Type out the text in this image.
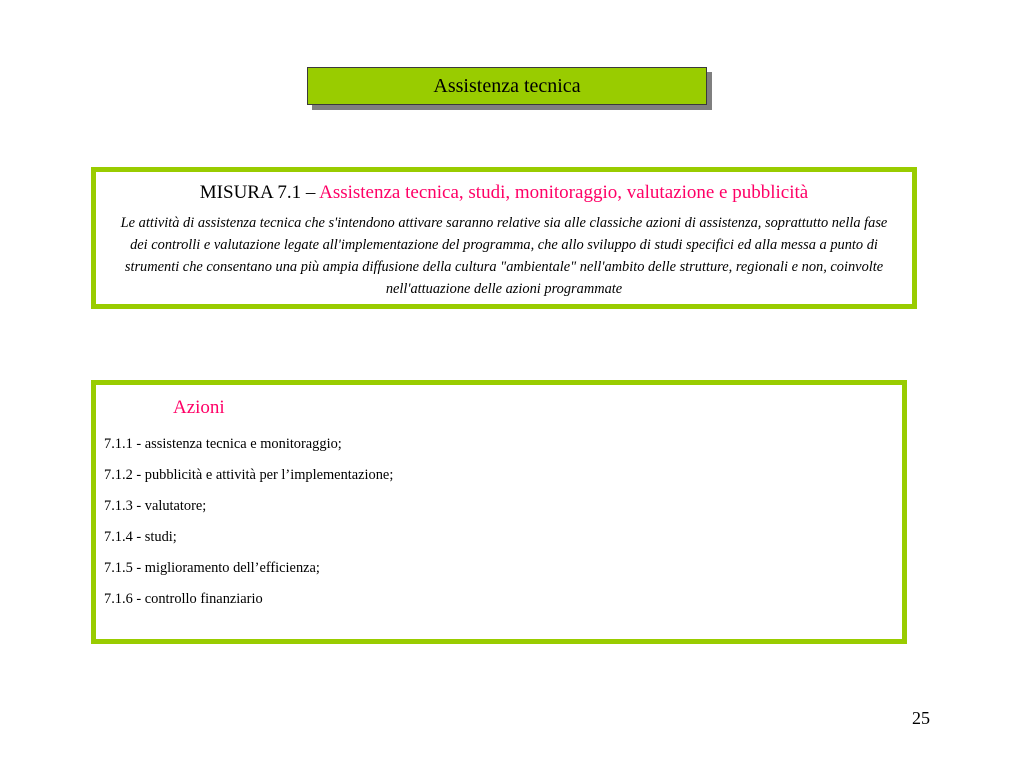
Assistenza tecnica

MISURA 7.1 – Assistenza tecnica, studi, monitoraggio, valutazione e pubblicità

Le attività di assistenza tecnica che s'intendono attivare saranno relative sia alle classiche azioni di assistenza, soprattutto nella fase dei controlli e valutazione legate all'implementazione del programma, che allo sviluppo di studi specifici ed alla messa a punto di strumenti che consentano una più ampia diffusione della cultura "ambientale" nell'ambito delle strutture, regionali e non, coinvolte nell'attuazione delle azioni programmate

Azioni

7.1.1 - assistenza tecnica e monitoraggio;
7.1.2 - pubblicità e attività per l’implementazione;
7.1.3 - valutatore;
7.1.4 - studi;
7.1.5 - miglioramento dell’efficienza;
7.1.6 - controllo finanziario
25
